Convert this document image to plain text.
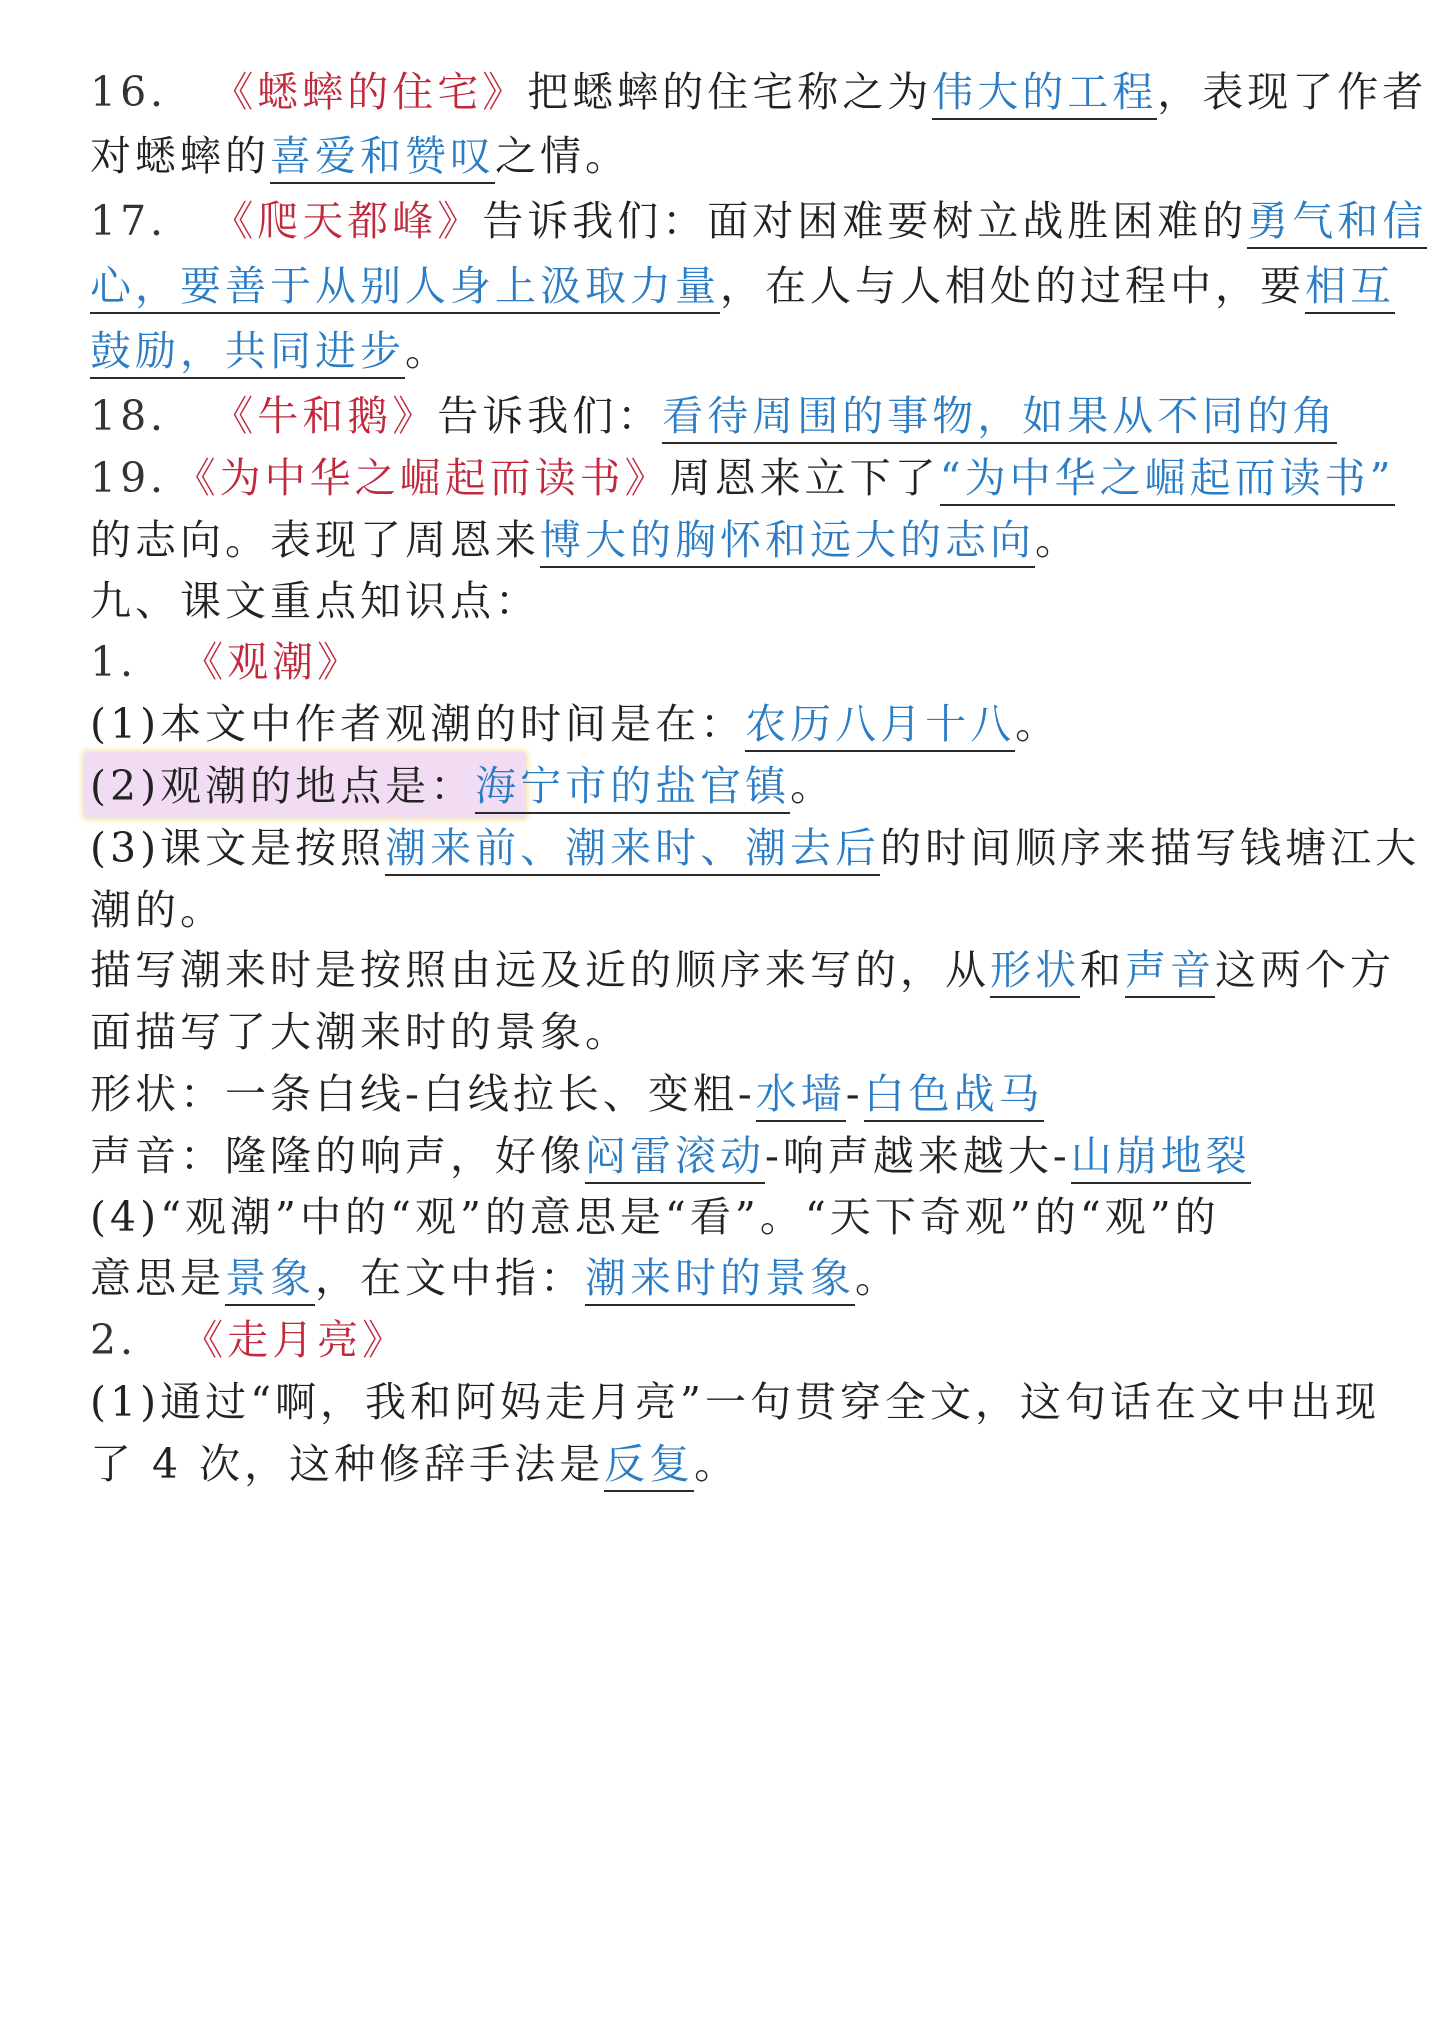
16． 《蟋蟀的住宅》把蟋蟀的住宅称之为伟大的工程，表现了作者
对蟋蟀的喜爱和赞叹之情。
17． 《爬天都峰》告诉我们：面对困难要树立战胜困难的勇气和信
心，要善于从别人身上汲取力量，在人与人相处的过程中，要相互
鼓励，共同进步。
18． 《牛和鹅》告诉我们：看待周围的事物，如果从不同的角
19．《为中华之崛起而读书》周恩来立下了“为中华之崛起而读书”
的志向。表现了周恩来博大的胸怀和远大的志向。
九、课文重点知识点：
1． 《观潮》
(1)本文中作者观潮的时间是在：农历八月十八。
(2)观潮的地点是：海宁市的盐官镇。
(3)课文是按照潮来前、潮来时、潮去后的时间顺序来描写钱塘江大
潮的。
描写潮来时是按照由远及近的顺序来写的，从形状和声音这两个方
面描写了大潮来时的景象。
形状：一条白线-白线拉长、变粗-水墙-白色战马
声音：隆隆的响声，好像闷雷滚动-响声越来越大-山崩地裂
(4)“观潮”中的“观”的意思是“看”。“天下奇观”的“观”的
意思是景象，在文中指：潮来时的景象。
2． 《走月亮》
(1)通过“啊，我和阿妈走月亮”一句贯穿全文，这句话在文中出现
了 4 次，这种修辞手法是反复。
